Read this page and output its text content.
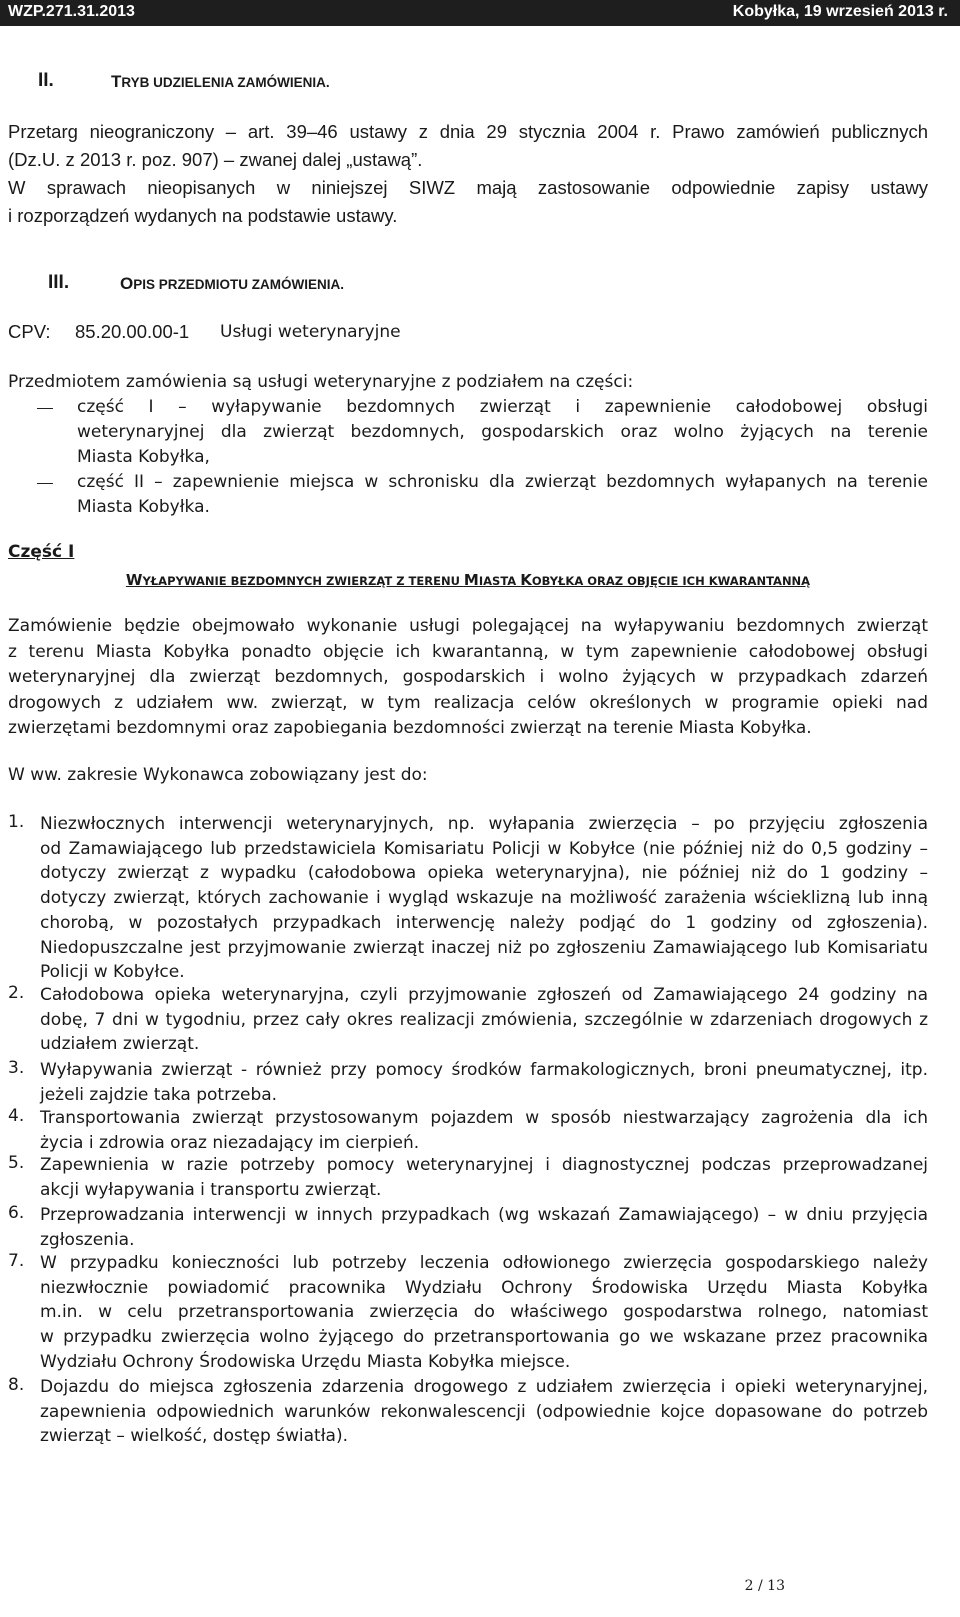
WZP.271.31.2013	Kobyłka, 19 wrzesień 2013 r.
II.	TRYB UDZIELENIA ZAMÓWIENIA.
Przetarg nieograniczony – art. 39–46 ustawy z dnia 29 stycznia 2004 r. Prawo zamówień publicznych
(Dz.U. z 2013 r. poz. 907) – zwanej dalej „ustawą”.
W sprawach nieopisanych w niniejszej SIWZ mają zastosowanie odpowiednie zapisy ustawy
i rozporządzeń wydanych na podstawie ustawy.
III.	OPIS PRZEDMIOTU ZAMÓWIENIA.
CPV: 85.20.00.00-1 Usługi weterynaryjne
Przedmiotem zamówienia są usługi weterynaryjne z podziałem na części:
część I – wyłapywanie bezdomnych zwierząt i zapewnienie całodobowej obsługi
weterynaryjnej dla zwierząt bezdomnych, gospodarskich oraz wolno żyjących na terenie
Miasta Kobyłka,
część II – zapewnienie miejsca w schronisku dla zwierząt bezdomnych wyłapanych na terenie
Miasta Kobyłka.
Część I
WYŁAPYWANIE BEZDOMNYCH ZWIERZĄT Z TERENU MIASTA KOBYŁKA ORAZ OBJĘCIE ICH KWARANTANNĄ
Zamówienie będzie obejmowało wykonanie usługi polegającej na wyłapywaniu bezdomnych zwierząt
z terenu Miasta Kobyłka ponadto objęcie ich kwarantanną, w tym zapewnienie całodobowej obsługi
weterynaryjnej dla zwierząt bezdomnych, gospodarskich i wolno żyjących w przypadkach zdarzeń
drogowych z udziałem ww. zwierząt, w tym realizacja celów określonych w programie opieki nad
zwierzętami bezdomnymi oraz zapobiegania bezdomności zwierząt na terenie Miasta Kobyłka.
W ww. zakresie Wykonawca zobowiązany jest do:
1. Niezwłocznych interwencji weterynaryjnych, np. wyłapania zwierzęcia – po przyjęciu zgłoszenia
od Zamawiającego lub przedstawiciela Komisariatu Policji w Kobyłce (nie później niż do 0,5 godziny –
dotyczy zwierząt z wypadku (całodobowa opieka weterynaryjna), nie później niż do 1 godziny –
dotyczy zwierząt, których zachowanie i wygląd wskazuje na możliwość zarażenia wścieklizną lub inną
chorobą, w pozostałych przypadkach interwencję należy podjąć do 1 godziny od zgłoszenia).
Niedopuszczalne jest przyjmowanie zwierząt inaczej niż po zgłoszeniu Zamawiającego lub Komisariatu
Policji w Kobyłce.
2. Całodobowa opieka weterynaryjna, czyli przyjmowanie zgłoszeń od Zamawiającego 24 godziny na
dobę, 7 dni w tygodniu, przez cały okres realizacji zmówienia, szczególnie w zdarzeniach drogowych z
udziałem zwierząt.
3. Wyłapywania zwierząt - również przy pomocy środków farmakologicznych, broni pneumatycznej, itp.
jeżeli zajdzie taka potrzeba.
4. Transportowania zwierząt przystosowanym pojazdem w sposób niestwarzający zagrożenia dla ich
życia i zdrowia oraz niezadający im cierpień.
5. Zapewnienia w razie potrzeby pomocy weterynaryjnej i diagnostycznej podczas przeprowadzanej
akcji wyłapywania i transportu zwierząt.
6. Przeprowadzania interwencji w innych przypadkach (wg wskazań Zamawiającego) – w dniu przyjęcia
zgłoszenia.
7. W przypadku konieczności lub potrzeby leczenia odłowionego zwierzęcia gospodarskiego należy
niezwłocznie powiadomić pracownika Wydziału Ochrony Środowiska Urzędu Miasta Kobyłka
m.in. w celu przetransportowania zwierzęcia do właściwego gospodarstwa rolnego, natomiast
w przypadku zwierzęcia wolno żyjącego do przetransportowania go we wskazane przez pracownika
Wydziału Ochrony Środowiska Urzędu Miasta Kobyłka miejsce.
8. Dojazdu do miejsca zgłoszenia zdarzenia drogowego z udziałem zwierzęcia i opieki weterynaryjnej,
zapewnienia odpowiednich warunków rekonwalescencji (odpowiednie kojce dopasowane do potrzeb
zwierząt – wielkość, dostęp światła).
2 / 13
